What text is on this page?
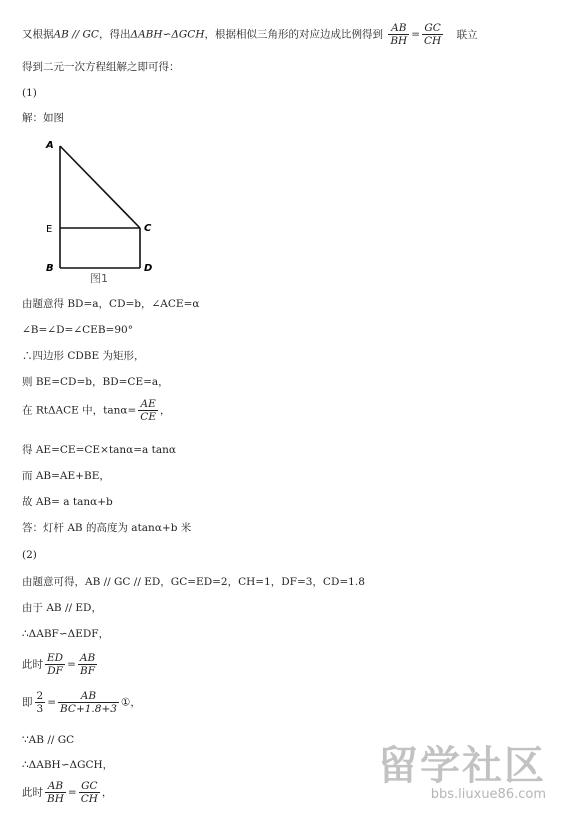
又根据AB // GC，得出ΔABH∽ΔGCH，根据相似三角形的对应边成比例得到 $\frac{AB}{BH} = \frac{GC}{CH}$ 联立
得到二元一次方程组解之即可得：
(1)
解：如图
A
E
B
C
D
图1
由题意得 BD=a，CD=b，∠ACE=α
∠B=∠D=∠CEB=90°
∴四边形 CDBE 为矩形，
则 BE=CD=b，BD=CE=a，
在 RtΔACE 中，$\tan\alpha= \frac{AE}{CE}$ ，
得 AE=CE=CE×tanα=a tanα
而 AB=AE+BE，
故 AB= a tanα+b
答：灯杆 AB 的高度为 atanα+b 米
(2)
由题意可得，AB // GC // ED，GC=ED=2，CH=1，DF=3，CD=1.8
由于 AB // ED，
∴ΔABF∽ΔEDF，
此时 $\frac{ED}{DF} = \frac{AB}{BF}$
即 $\frac{2}{3} = \frac{AB}{BC+1.8+3}$ ①，
∵AB // GC
∴ΔABH∽ΔGCH，
此时 $\frac{AB}{BH} = \frac{GC}{CH}$ ，
留学社区
bbs.liuxue86.com
